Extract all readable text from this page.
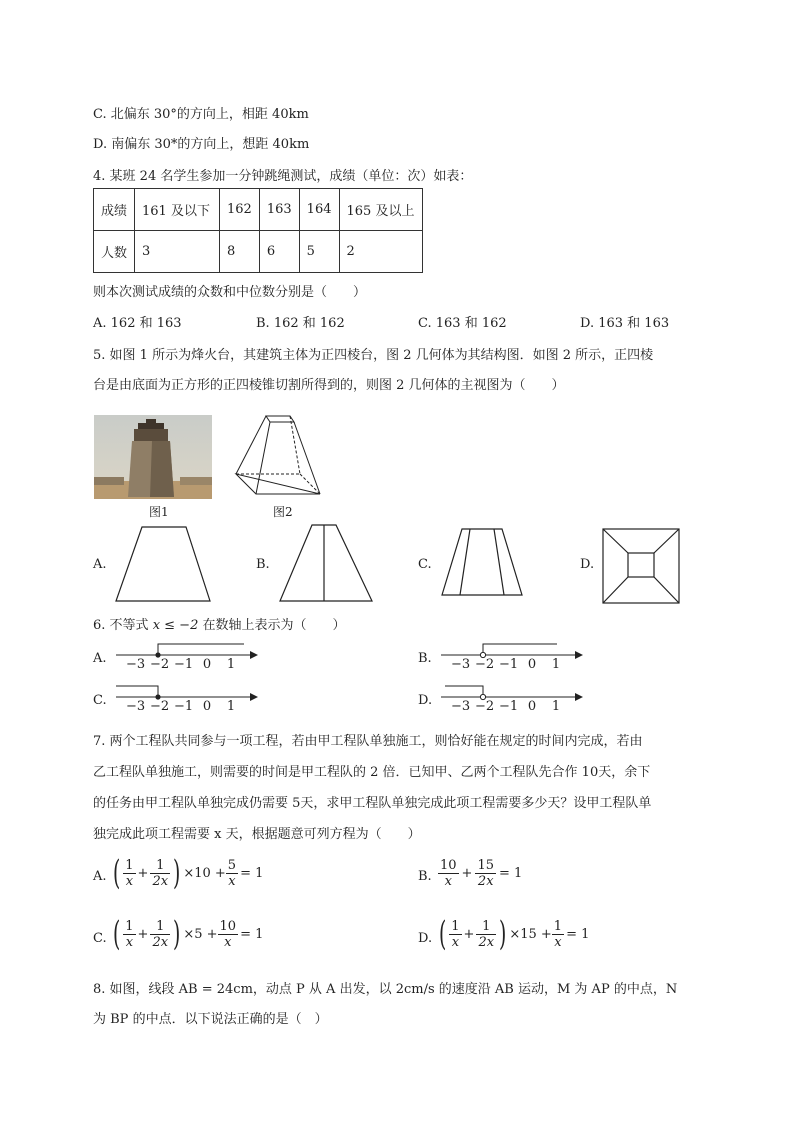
C. 北偏东 30°的方向上，相距 40km
D. 南偏东 30*的方向上，想距 40km
4. 某班 24 名学生参加一分钟跳绳测试，成绩（单位：次）如表：
成绩	161 及以下	162	163	164	165 及以上
人数	3	8	6	5	2
则本次测试成绩的众数和中位数分别是（　　）
A. 162 和 163	B. 162 和 162	C. 163 和 162	D. 163 和 163
5. 如图 1 所示为烽火台，其建筑主体为正四棱台，图 2 几何体为其结构图．如图 2 所示，正四棱
台是由底面为正方形的正四棱锥切割所得到的，则图 2 几何体的主视图为（　　）
图1	图2
A.	B.	C.	D.
6. 不等式 x ≤ −2 在数轴上表示为（　　）
A.	B.
C.	D.
−3 −2 −1 0	1	−3 −2 −1 0	1
−3 −2 −1 0	1	−3 −2 −1 0	1
7. 两个工程队共同参与一项工程，若由甲工程队单独施工，则恰好能在规定的时间内完成，若由
乙工程队单独施工，则需要的时间是甲工程队的 2 倍．已知甲、乙两个工程队先合作 10天，余下
的任务由甲工程队单独完成仍需要 5天，求甲工程队单独完成此项工程需要多少天？设甲工程队单
独完成此项工程需要 x 天，根据题意可列方程为（　　）
A. ( $\frac{1}{x} + \frac{1}{2x}$ ) $\times 10 + \frac{5}{x} = 1$	B. $\frac{10}{x} + \frac{15}{2x} = 1$
C. ( $\frac{1}{x} + \frac{1}{2x}$ ) $\times 5 + \frac{10}{x} = 1$	D. ( $\frac{1}{x} + \frac{1}{2x}$ ) $\times 15 + \frac{1}{x} = 1$
8. 如图，线段 AB = 24cm，动点 P 从 A 出发，以 2cm/s 的速度沿 AB 运动，M 为 AP 的中点，N
为 BP 的中点．以下说法正确的是（　）
